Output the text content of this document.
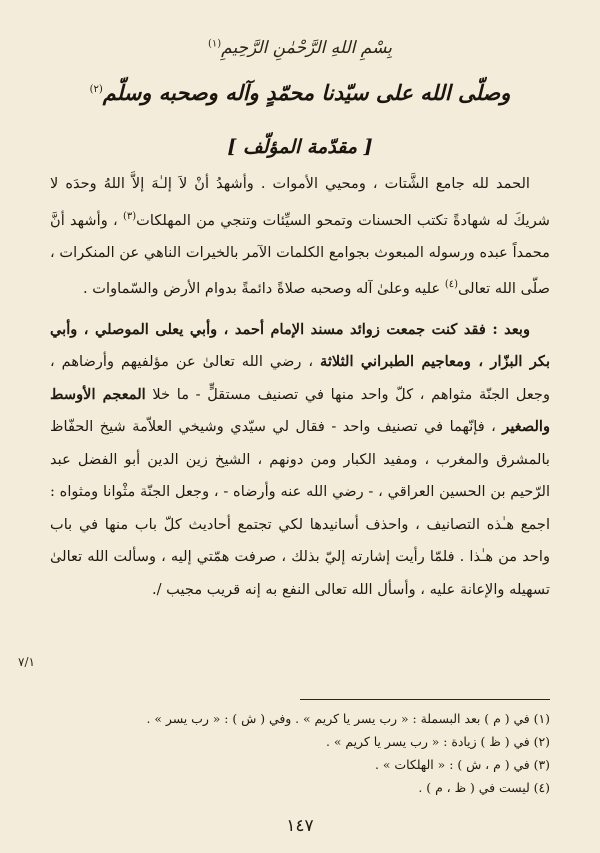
بِسْمِ اللهِ الرَّحْمٰنِ الرَّحِيمِ$^{(١)}$
وصلّى الله على سيّدنا محمّدٍ وآله وصحبه وسلّم$^{(٢)}$
[ مقدّمة المؤلّف ]

الحمد لله جامع الشَّتات ، ومحيي الأموات . وأشهدُ أنْ لاَ إلـٰهَ إلاَّ اللهُ وحدَه لا شريكَ له شهادةً تكتب الحسنات وتمحو السيِّئات وتنجي من المهلكات$^{(٣)}$ ، وأشهد أنَّ محمداً عبده ورسوله المبعوث بجوامع الكلمات الآمر بالخيرات الناهي عن المنكرات ، صلّى الله تعالى$^{(٤)}$ عليه وعلىٰ آله وصحبه صلاةً دائمةً بدوام الأرض والسّماوات .

وبعد : فقد كنت جمعت زوائد مسند الإمام أحمد ، وأبي يعلى الموصلي ، وأبي بكر البزّار ، ومعاجيم الطبراني الثلاثة ، رضي الله تعالىٰ عن مؤلفيهم وأرضاهم ، وجعل الجنّة مثواهم ، كلّ واحد منها في تصنيف مستقلٍّ - ما خلا المعجم الأوسط والصغير ، فإنّهما في تصنيف واحد - فقال لي سيّدي وشيخي العلاّمة شيخ الحفّاظ بالمشرق والمغرب ، ومفيد الكبار ومن دونهم ، الشيخ زين الدين أبو الفضل عبد الرّحيم بن الحسين العراقي ، - رضي الله عنه وأرضاه - ، وجعل الجنّة مثْوانا ومثواه : اجمع هـٰذه التصانيف ، واحذف أسانيدها لكي تجتمع أحاديث كلّ باب منها في باب واحد من هـٰذا . فلمّا رأيت إشارته إليّ بذلك ، صرفت همّتي إليه ، وسألت الله تعالىٰ تسهيله والإعانة عليه ، وأسأل الله تعالى النفع به إنه قريب مجيب /.

٧/١

(١) في ( م ) بعد البسملة : « رب يسر يا كريم » . وفي ( ش ) : « رب يسر » .

(٢) في ( ظ ) زيادة : « رب يسر يا كريم » .

(٣) في ( م ، ش ) : « الهلكات » .

(٤) ليست في ( ظ ، م ) .

١٤٧
